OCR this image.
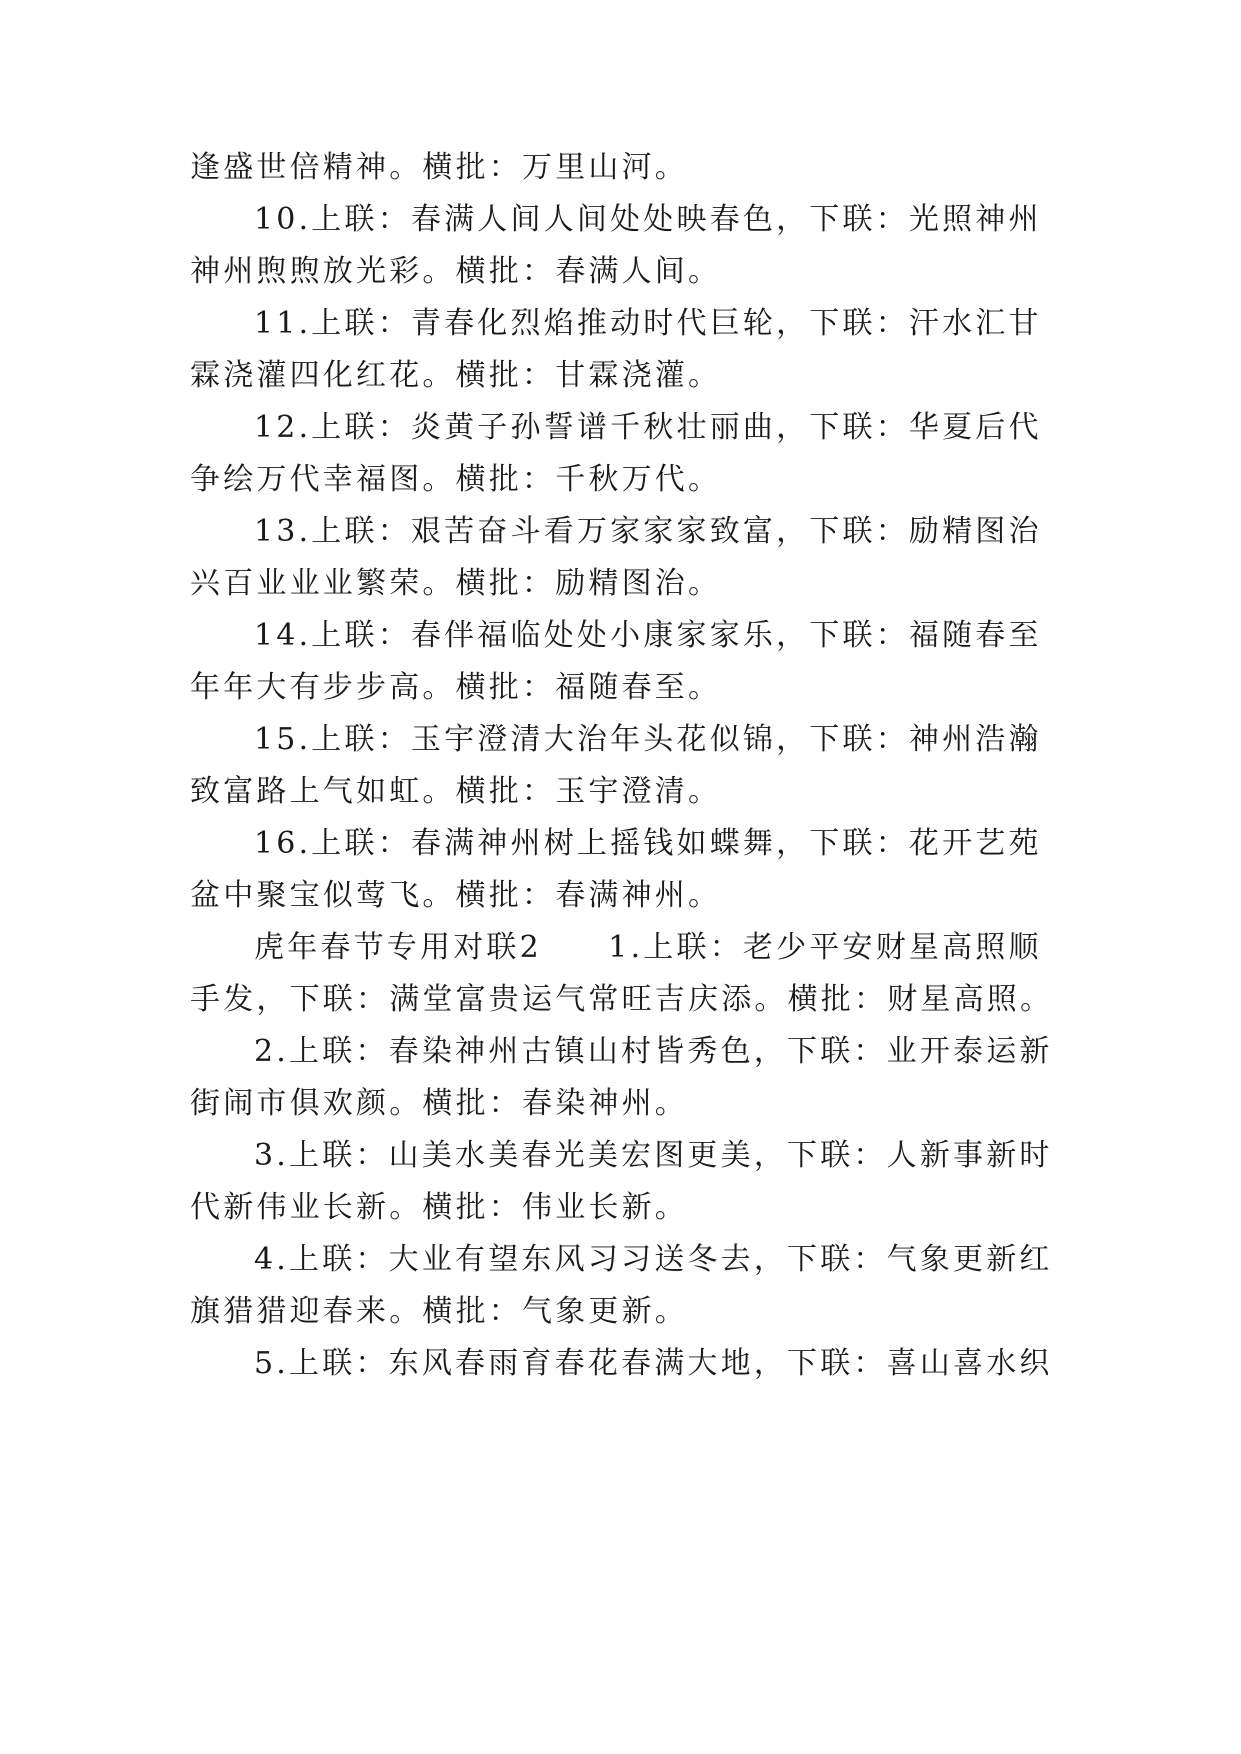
逢盛世倍精神。横批：万里山河。
10.上联：春满人间人间处处映春色，下联：光照神州
神州煦煦放光彩。横批：春满人间。
11.上联：青春化烈焰推动时代巨轮，下联：汗水汇甘
霖浇灌四化红花。横批：甘霖浇灌。
12.上联：炎黄子孙誓谱千秋壮丽曲，下联：华夏后代
争绘万代幸福图。横批：千秋万代。
13.上联：艰苦奋斗看万家家家致富，下联：励精图治
兴百业业业繁荣。横批：励精图治。
14.上联：春伴福临处处小康家家乐，下联：福随春至
年年大有步步高。横批：福随春至。
15.上联：玉宇澄清大治年头花似锦，下联：神州浩瀚
致富路上气如虹。横批：玉宇澄清。
16.上联：春满神州树上摇钱如蝶舞，下联：花开艺苑
盆中聚宝似莺飞。横批：春满神州。
虎年春节专用对联2　　1.上联：老少平安财星高照顺
手发，下联：满堂富贵运气常旺吉庆添。横批：财星高照。
2.上联：春染神州古镇山村皆秀色，下联：业开泰运新
街闹市俱欢颜。横批：春染神州。
3.上联：山美水美春光美宏图更美，下联：人新事新时
代新伟业长新。横批：伟业长新。
4.上联：大业有望东风习习送冬去，下联：气象更新红
旗猎猎迎春来。横批：气象更新。
5.上联：东风春雨育春花春满大地，下联：喜山喜水织
